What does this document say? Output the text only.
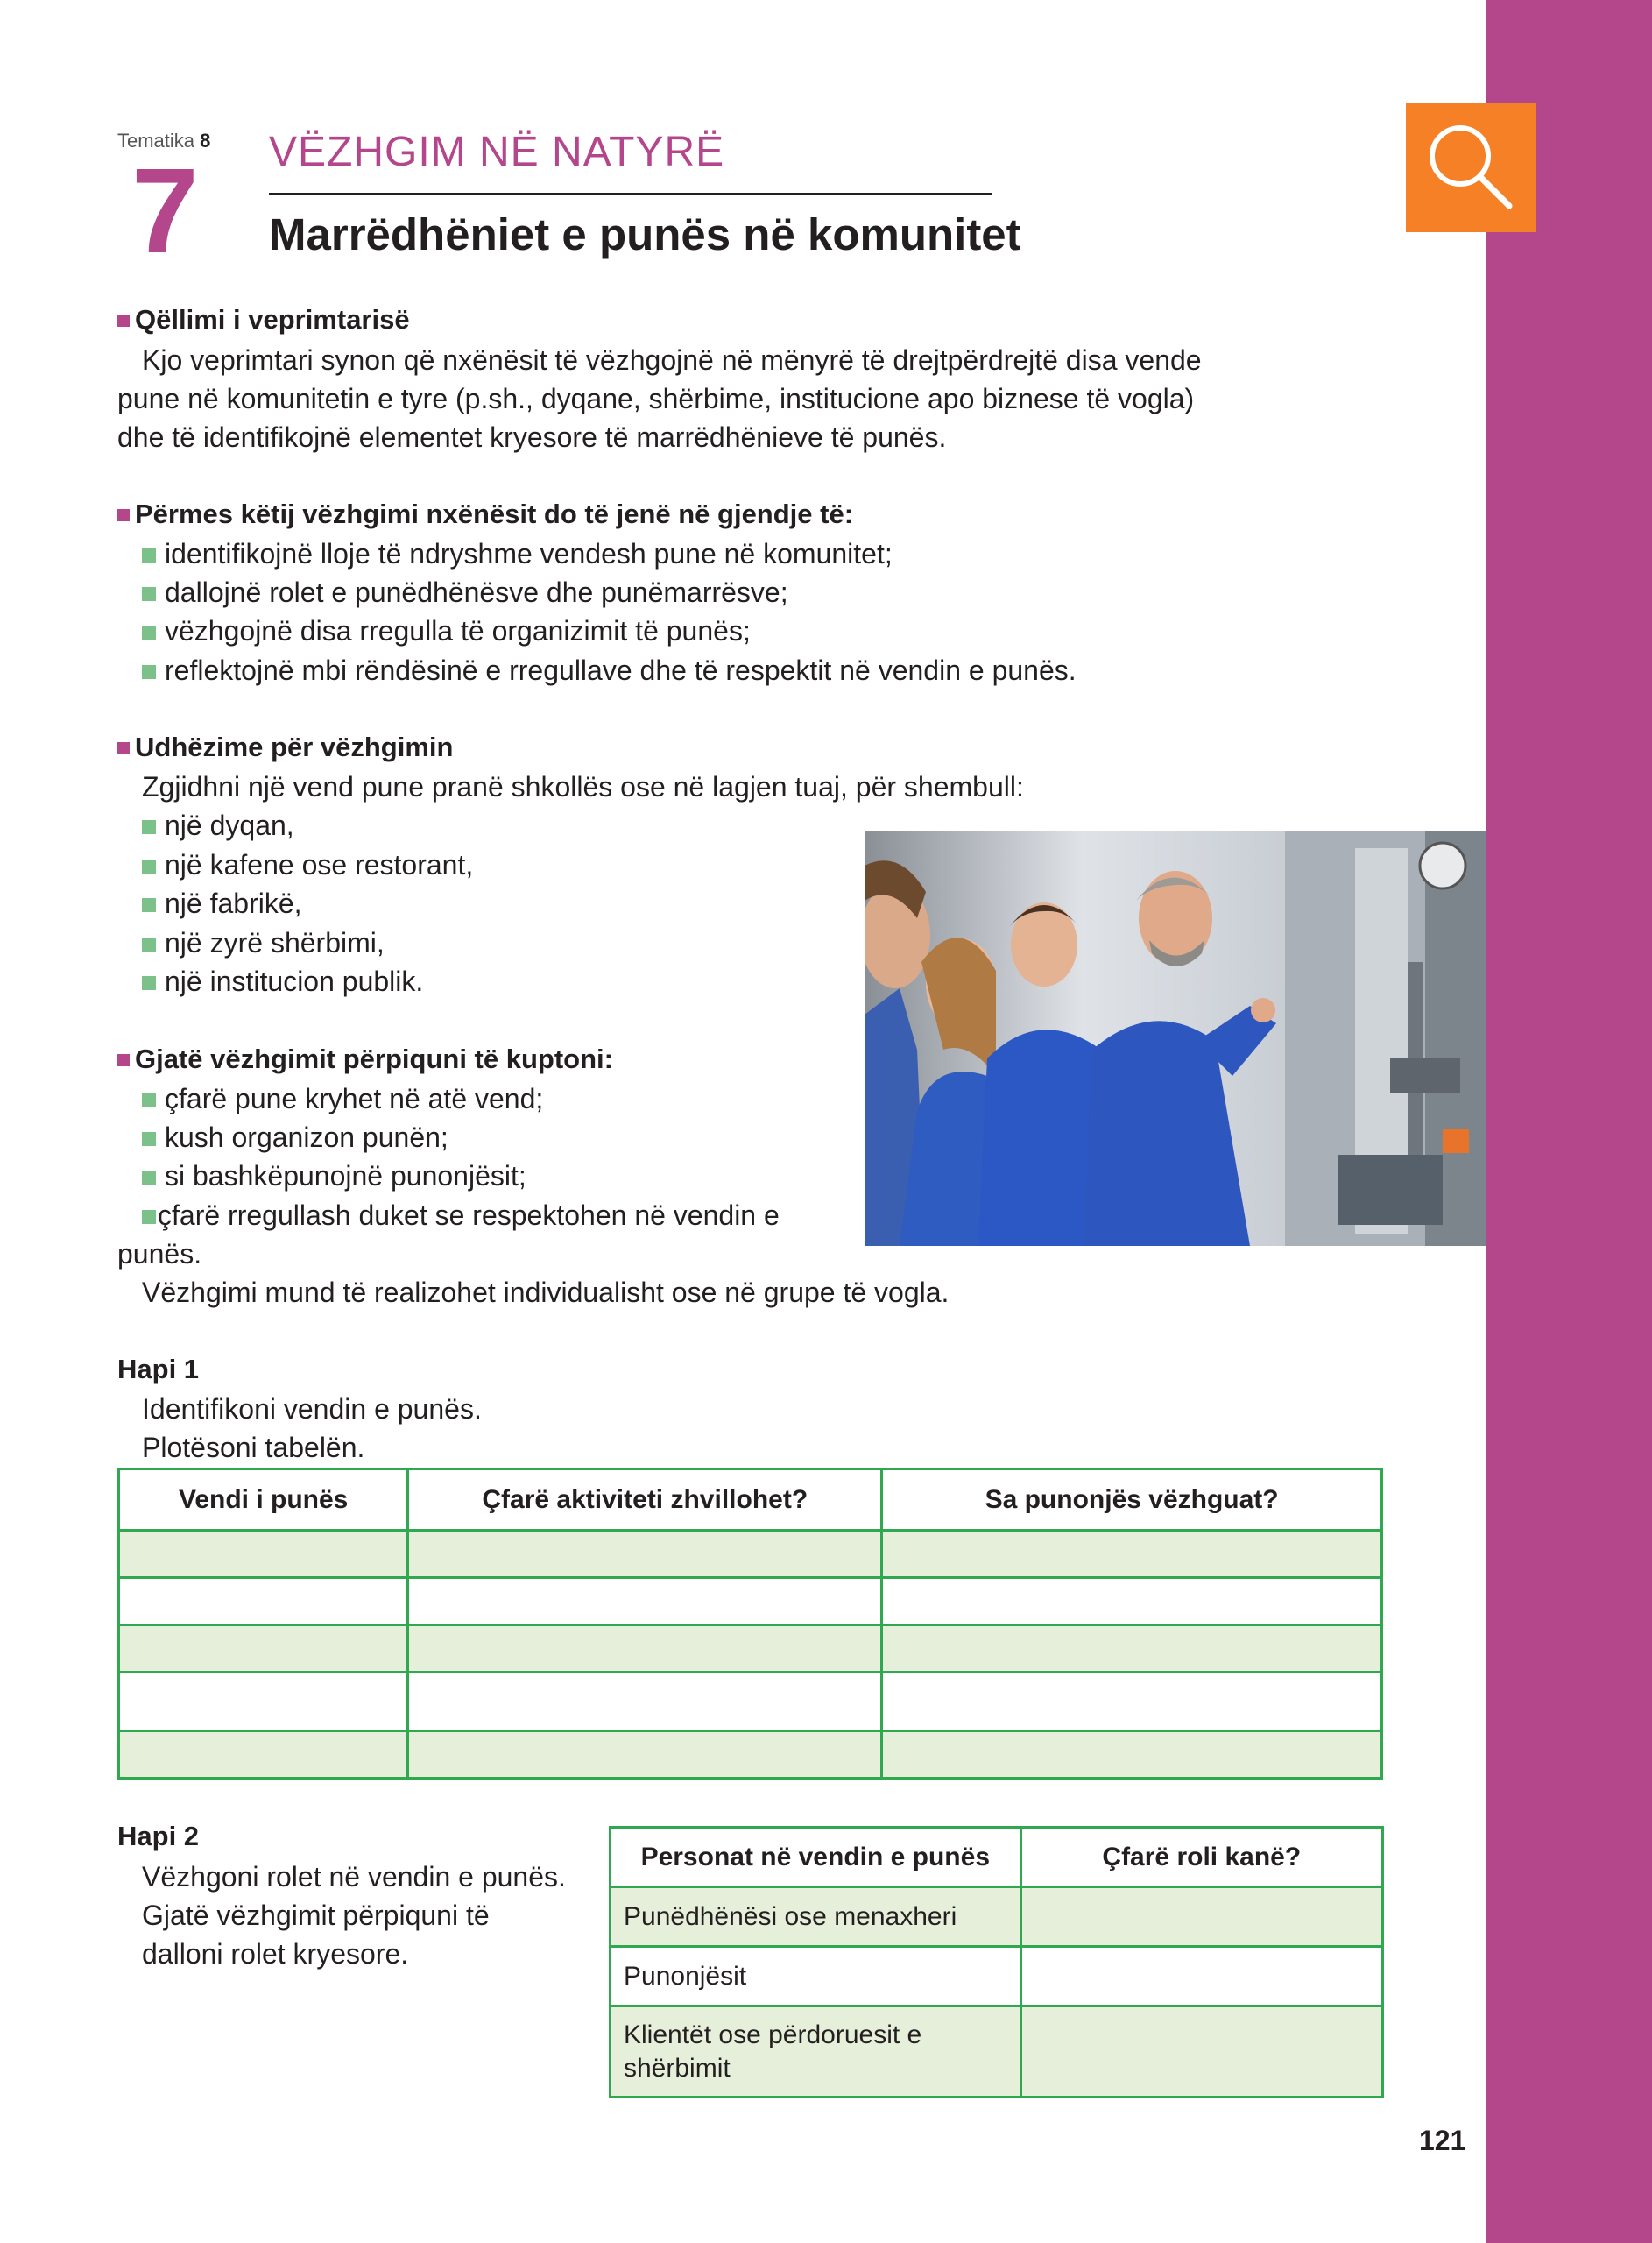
Tematika 8
7 VËZHGIM NË NATYRË
Marrëdhëniet e punës në komunitet
Qëllimi i veprimtarisë
Kjo veprimtari synon që nxënësit të vëzhgojnë në mënyrë të drejtpërdrejtë disa vende
pune në komunitetin e tyre (p.sh., dyqane, shërbime, institucione apo biznese të vogla)
dhe të identifikojnë elementet kryesore të marrëdhënieve të punës.
Përmes këtij vëzhgimi nxënësit do të jenë në gjendje të:
identifikojnë lloje të ndryshme vendesh pune në komunitet;
dallojnë rolet e punëdhënësve dhe punëmarrësve;
vëzhgojnë disa rregulla të organizimit të punës;
reflektojnë mbi rëndësinë e rregullave dhe të respektit në vendin e punës.
Udhëzime për vëzhgimin
Zgjidhni një vend pune pranë shkollës ose në lagjen tuaj, për shembull:
një dyqan,
një kafene ose restorant,
një fabrikë,
një zyrë shërbimi,
një institucion publik.
Gjatë vëzhgimit përpiquni të kuptoni:
çfarë pune kryhet në atë vend;
kush organizon punën;
si bashkëpunojnë punonjësit;
çfarë rregullash duket se respektohen në vendin e
punës.
Vëzhgimi mund të realizohet individualisht ose në grupe të vogla.
Hapi 1
Identifikoni vendin e punës.
Plotësoni tabelën.
Vendi i punës	Çfarë aktiviteti zhvillohet?	Sa punonjës vëzhguat?

Hapi 2
Vëzhgoni rolet në vendin e punës.
Gjatë vëzhgimit përpiquni të
dalloni rolet kryesore.
Personat në vendin e punës	Çfarë roli kanë?
Punëdhënësi ose menaxheri	
Punonjësit	
Klientët ose përdoruesit e shërbimit	
121
